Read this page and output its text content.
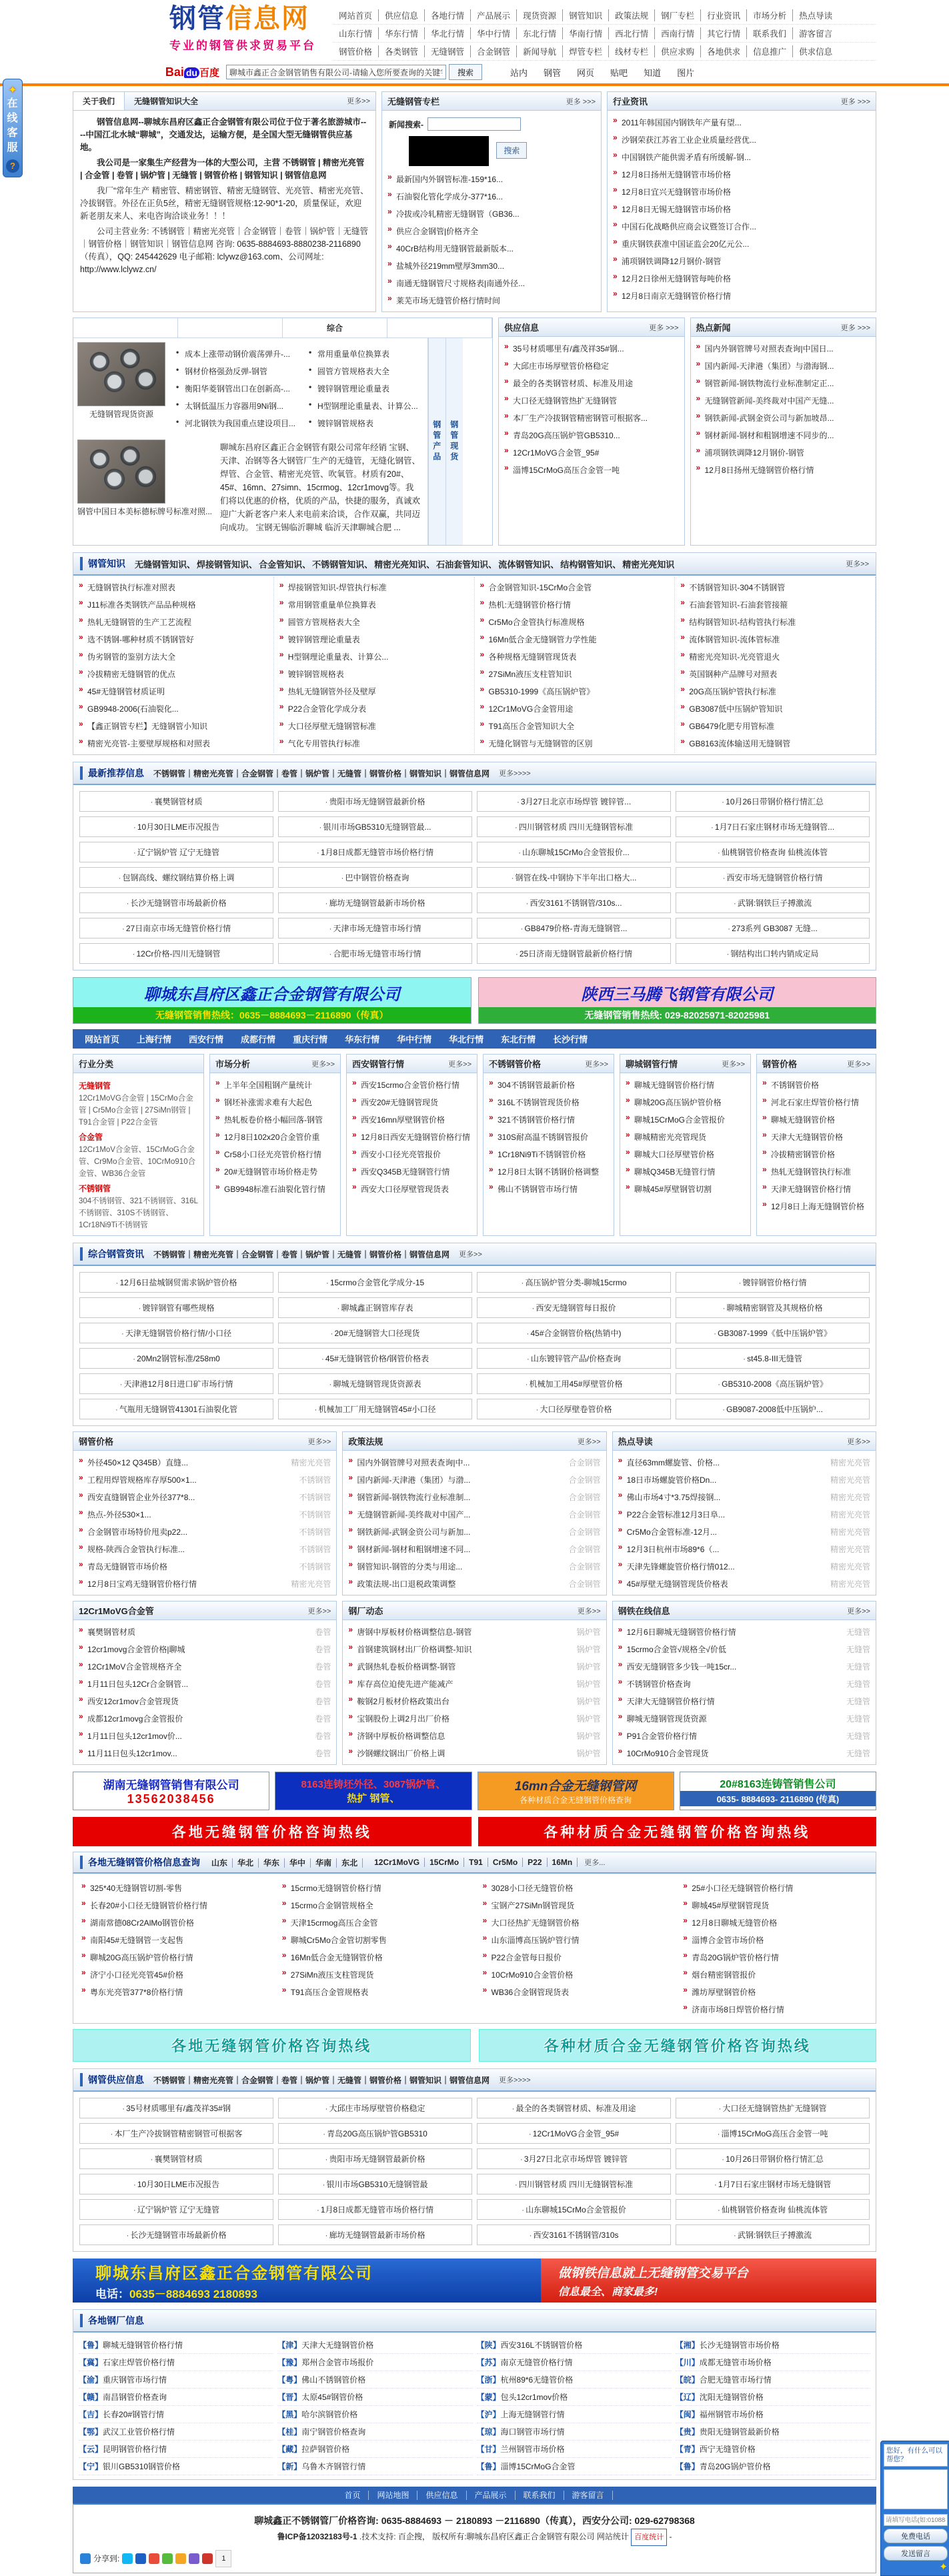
✦
在线客服
?
钢管信息网
专业的钢管供求贸易平台
网站首页 供应信息 各地行情 产品展示 现货资源 钢管知识 政策法规 钢厂专栏 行业资讯 市场分析 热点导读
山东行情 华东行情 华北行情 华中行情 东北行情 华南行情 西北行情 西南行情 其它行情 联系我们 游客留言
钢管价格 各类钢管 无缝钢管 合金钢管 新闻导航 焊管专栏 线材专栏 供应求购 各地供求 信息推广 供求信息
Bai du 百度
聊城市鑫正合金钢管销售有限公司-请输入您所要查询的关键字	搜索	站内	钢管	网页	贴吧	知道	图片
关于我们	无缝钢管知识大全	更多>>

钢管信息网--聊城东昌府区鑫正合金钢管有限公司位于位于著名旅游城市----中国江北水城“聊城”，交通发达，运输方便，是全国大型无缝钢管供应基地。

我公司是一家集生产经营为一体的大型公司，主营 不锈钢管 | 精密光亮管 | 合金管 | 卷管 | 锅炉管 | 无缝管 | 钢管价格 | 钢管知识 | 钢管信息网

我厂“常年生产 精密管、精密钢管、精密无缝钢管、光亮管、精密光亮管、冷拔钢管。外径在正负5丝，精密无缝钢管规格:12-90*1-20，质量保证，欢迎新老朋友来人、来电咨询洽谈业务！！！

公司主营业务: 不锈钢管｜精密光亮管｜合金钢管｜卷管｜锅炉管｜无缝管｜钢管价格｜钢管知识｜钢管信息网 咨询: 0635-8884693-8880238-2116890（传真），QQ: 245442629 电子邮箱: lclywz@163.com、公司网址: http://www.lclywz.cn/

无缝钢管专栏	更多 >>>
新闻搜索-
搜索
» 最新国内外钢管标准-159*16...
» 石油裂化管化学成分-377*16...
» 冷拔或冷轧精密无缝钢管（GB36...
» 供应合金钢管|价格齐全
» 40CrB结构用无缝钢管最新版本...
» 盐城外径219mm壁厚3mm30...
» 南通无缝钢管尺寸规格表|南通外径...
» 莱芜市场无缝管价格行情时间
行业资讯	更多 >>>
» 2011年韩国国内钢铁年产量有望...
» 沙钢荣获江苏省工业企业质量经营优...
» 中国钢铁产能供需矛盾有所缓解-钢...
» 12月8日扬州无缝钢管市场价格
» 12月8日宜兴无缝钢管市场价格
» 12月8日无锡无缝钢管市场价格
» 中国石化战略供应商会议暨签订合作...
» 重庆钢铁获准中国证监会20亿元公...
» 浦项钢铁调降12月钢价-钢管
» 12月2日徐州无缝钢管每吨价格
» 12月8日南京无缝钢管价格行情
综合
无缝钢管现货资源
• 成本上涨带动钢价震荡弹升-...
• 钢材价格强劲反弹-钢管
• 衡阳华菱钢管出口在创新高-...
• 太钢低温压力容器用9Ni钢...
• 河北钢铁为我国重点建设项目...
• 常用重量单位换算表
• 圆管方管规格表大全
• 镀锌钢管理论重量表
• H型钢理论重量表、计算公...
• 镀锌钢管规格表
钢管中国日本美标德标牌号标准对照...
聊城东昌府区鑫正合金钢管有限公司常年经销 宝钢、天津、冶钢等各大钢管厂生产的无缝管，无缝化钢管、焊管、合金管、精密光亮管、吹氧管。材质有20#、45#、16mn、27simn、15crmog、12cr1movg等。我们将以优惠的价格，优质的产品，快捷的服务，真诚欢迎广大新老客户来人来电前来洽谈，合作双赢，共同迈向成功。 宝钢无锡临沂聊城 临沂天津聊城合肥 ...
钢管产品	钢管现货
供应信息	更多 >>>
» 35号材质哪里有/鑫茂祥35#钢...
» 大邱庄市场厚壁管价格稳定
» 最全的各类钢管材质、标准及用途
» 大口径无缝钢管热扩无缝钢管
» 本厂生产冷拔钢管精密钢管可根据客...
» 青岛20G高压锅炉管GB5310...
» 12Cr1MoVG合金管_95#
» 淄博15CrMoG高压合金管一吨
热点新闻	更多 >>>
» 国内外钢管牌号对照表查询|中国日...
» 国内新闻-天津港（集团）与渤海钢...
» 钢管新闻-钢铁物流行业标准制定正...
» 无缝钢管新闻-美终裁对中国产无缝...
» 钢铁新闻-武钢金资公司与新加坡昂...
» 钢材新闻-钢材和粗钢增速不同步的...
» 浦项钢铁调降12月钢价-钢管
» 12月8日扬州无缝钢管价格行情
钢管知识 无缝钢管知识 、	焊接钢管知识 、	合金管知识 、	不锈钢管知识 、	精密光亮知识 、	石油套管知识 、	流体钢管知识 、	结构钢管知识 、	精密光亮知识	更多>>
» 无缝钢管执行标准对照表
» J11标准各类钢铁产品品种规格
» 热轧无缝钢管的生产工艺流程
» 选不锈钢-哪种材质不锈钢管好
» 伪劣钢管的鉴别方法大全
» 冷拔精密无缝钢管的优点
» 45#无缝钢管材质证明
» GB9948-2006(石油裂化...
» 【鑫正钢管专栏】无缝钢管小知识
» 精密光亮管-主要壁厚规格和对照表
» 焊接钢管知识-焊管执行标准
» 常用钢管重量单位换算表
» 圆管方管规格表大全
» 镀锌钢管理论重量表
» H型钢理论重量表、计算公...
» 镀锌钢管规格表
» 热轧无缝钢管外径及壁厚
» P22合金管化学成分表
» 大口径厚壁无缝钢管标准
» 气化专用管执行标准
» 合金钢管知识-15CrMo合金管
» 热机:无缝钢管价格行情
» Cr5Mo合金管执行标准规格
» 16Mn低合金无缝钢管力学性能
» 各种规格无缝钢管现货表
» 27SiMn液压支柱管知识
» GB5310-1999《高压锅炉管》
» 12Cr1MoVG合金管用途
» T91高压合金管知识大全
» 无缝化钢管与无缝钢管的区别
» 不锈钢管知识-304不锈钢管
» 石油套管知识-石油套管接箍
» 结构钢管知识-结构管执行标准
» 流体钢管知识-流体管标准
» 精密光亮知识-光亮管退火
» 英国钢种产品牌号对照表
» 20G高压锅炉管执行标准
» GB3087低中压锅炉管知识
» GB6479化肥专用管标准
» GB8163流体输送用无缝钢管
最新推荐信息 不锈钢管｜精密光亮管｜合金钢管｜卷管｜锅炉管｜无缝管｜钢管价格｜钢管知识｜钢管信息网 更多>>>>
· 襄樊钢管材质	· 贵阳市场无缝钢管最新价格	· 3月27日北京市场焊管 镀锌管...	· 10月26日带钢价格行情汇总
· 10月30日LME市况报告	· 银川市场GB5310无缝钢管最...	· 四川钢管材质 四川无缝钢管标准	· 1月7日石家庄钢材市场无缝钢管...
· 辽宁锅炉管 辽宁无缝管	· 1月8日成都无缝管市场价格行情	· 山东聊城15CrMo合金管报价...	· 仙桃钢管价格查询 仙桃流体管
· 包钢高线、螺纹钢结算价格上调	· 巴中钢管价格查询	· 钢管在线-中钢协下半年出口格大...	· 西安市场无缝钢管价格行情
· 长沙无缝钢管市场最新价格	· 廊坊无缝钢管最新市场价格	· 西安3161不锈钢管/310s...	· 武钢:钢铁巨子搏激流
· 27日南京市场无缝管价格行情	· 天津市场无缝管市场行情	· GB8479价格-青海无缝钢管...	· 273系列 GB3087 无缝...
· 12Cr价格-四川无缝钢管	· 合肥市场无缝管市场行情	· 25日济南无缝钢管最新价格行情	· 钢结构出口转内销成定局
聊城东昌府区鑫正合金钢管有限公司
无缝钢管销售热线：0635－8884693－2116890（传真）
陕西三马腾飞钢管有限公司
无缝钢管销售热线: 029-82025971-82025981
网站首页 上海行情 西安行情 成都行情 重庆行情 华东行情 华中行情 华北行情 东北行情 长沙行情
行业分类
无缝钢管
12Cr1MoVG合金管 | 15CrMo合金管 | Cr5Mo合金管 | 27SiMn钢管 | T91合金管 | P22合金管
合金管
12Cr1MoV合金管、15CrMoG合金管、Cr9Mo合金管、10CrMo910合金管、WB36合金管
不锈钢管
304不锈钢管、321不锈钢管、316L不锈钢管、310S不锈钢管、1Cr18Ni9Ti不锈钢管
市场分析	更多>>
» 上半年全国粗钢产量统计
» 钢坯补涨需求难有大起色
» 热轧板卷价格小幅回落-钢管
» 12月8日102x20合金管价重
» Cr58小口径光亮管价格行情
» 20#无缝钢管市场价格走势
» GB9948标准石油裂化管行情
西安钢管行情	更多>>
» 西安15crmo合金管价格行情
» 西安20#无缝钢管现货
» 西安16mn厚壁钢管价格
» 12月8日西安无缝钢管价格行情
» 西安小口径光亮管报价
» 西安Q345B无缝钢管行情
» 西安大口径厚壁管现货表
不锈钢管价格	更多>>
» 304不锈钢管最新价格
» 316L不锈钢管现货价格
» 321不锈钢管价格行情
» 310S耐高温不锈钢管报价
» 1Cr18Ni9Ti不锈钢管价格
» 12月8日太钢不锈钢价格调整
» 佛山不锈钢管市场行情
聊城钢管行情	更多>>
» 聊城无缝钢管价格行情
» 聊城20G高压锅炉管价格
» 聊城15CrMoG合金管报价
» 聊城精密光亮管现货
» 聊城大口径厚壁管价格
» 聊城Q345B无缝管行情
» 聊城45#厚壁钢管切割
钢管价格	更多>>
» 不锈钢管价格
» 河北石家庄焊管价格行情
» 聊城无缝钢管价格
» 天津大无缝钢管价格
» 冷拔精密钢管价格
» 热轧无缝钢管执行标准
» 天津无缝钢管价格行情
» 12月8日上海无缝钢管价格
综合钢管资讯 不锈钢管｜精密光亮管｜合金钢管｜卷管｜锅炉管｜无缝管｜钢管价格｜钢管信息网 更多>>
· 12月6日盐城钢贸需求锅炉管价格	· 15crmo合金管化学成分-15	· 高压锅炉管分类-聊城15crmo	· 镀锌钢管价格行情
· 镀锌钢管有哪些规格	· 聊城鑫正钢管库存表	· 西安无缝钢管每日报价	· 聊城精密钢管及其规格价格
· 天津无缝钢管价格行情/小口径	· 20#无缝钢管大口径现货	· 45#合金钢管价格(热销中)	· GB3087-1999《低中压锅炉管》
· 20Mn2钢管标准/258m0	· 45#无缝钢管价格/钢管价格表	· 山东镀锌管产品/价格查询	· st45.8-III无缝管
· 天津港12月8日进口矿市场行情	· 聊城无缝钢管现货资源表	· 机械加工用45#厚壁管价格	· GB5310-2008《高压锅炉管》
· 气瓶用无缝钢管41301石油裂化管	· 机械加工厂用无缝钢管45#小口径	· 大口径厚壁卷管价格	· GB9087-2008低中压锅炉...
钢管价格	更多>>
» 外径450×12 Q345B）直缝...	精密光亮管
» 工程用焊管规格库存厚500×1...	不锈钢管
» 西安直缝钢管企业外径377*8...	不锈钢管
» 热点-外径530×1...	不锈钢管
» 合金钢管市场特价甩卖p22...	不锈钢管
» 规格-陕西合金管执行标准...	不锈钢管
» 青岛无缝钢管市场价格	不锈钢管
» 12月8日宝鸡无缝钢管价格行情	精密光亮管
政策法规	更多>>
» 国内外钢管牌号对照表查询|中...	合金钢管
» 国内新闻-天津港（集团）与渤...	合金钢管
» 钢管新闻-钢铁物流行业标准制...	合金钢管
» 无缝钢管新闻-美终裁对中国产...	合金钢管
» 钢铁新闻-武钢金资公司与新加...	合金钢管
» 钢材新闻-钢材和粗钢增速不同...	合金钢管
» 钢管知识-钢管的分类与用途...	合金钢管
» 政策法规-出口退税政策调整	合金钢管
热点导读	更多>>
» 直径63mm螺旋管、价格...	精密光亮管
» 18日市场螺旋管价格Dn...	精密光亮管
» 佛山市场4寸*3.75焊接钢...	精密光亮管
» P22合金管标准12月3日阜...	精密光亮管
» Cr5Mo合金管标准-12月...	精密光亮管
» 12月3日杭州市场89*6（...	精密光亮管
» 天津先锋螺旋管价格行情012...	精密光亮管
» 45#厚壁无缝钢管现货价格表	精密光亮管
12Cr1MoVG合金管	更多>>
» 襄樊钢管材质	卷管
» 12cr1movg合金管价格|聊城	卷管
» 12Cr1MoV合金管规格齐全	卷管
» 1月11日包头12Cr合金钢管...	卷管
» 西安12cr1mov合金管现货	卷管
» 成都12cr1movg合金管报价	卷管
» 1月11日包头12cr1mov价...	卷管
» 11月11日包头12cr1mov...	卷管
钢厂动态	更多>>
» 唐钢中厚板材价格调整信息-钢管	锅炉管
» 首钢建筑钢材出厂价格调整-知识	锅炉管
» 武钢热轧卷板价格调整-钢管	锅炉管
» 库存高位迫使先进产能减产	锅炉管
» 鞍钢2月板材价格政策出台	锅炉管
» 宝钢股份上调2月出厂价格	锅炉管
» 济钢中厚板价格调整信息	锅炉管
» 沙钢螺纹钢出厂价格上调	锅炉管
钢铁在线信息	更多>>
» 12月6日聊城无缝钢管价格行情	无缝管
» 15crmo合金管√规格全√价低	无缝管
» 西安无缝钢管多少钱一吨15cr...	无缝管
» 不锈钢管价格查询	无缝管
» 天津大无缝钢管价格行情	无缝管
» 聊城无缝钢管现货资源	无缝管
» P91合金管价格行情	无缝管
» 10CrMo910合金管现货	无缝管
湖南无缝钢管销售有限公司
13562038456
8163连铸坯外径、3087锅炉管、
热扩 钢管、
16mn合金无缝钢管网
各种材质合金无缝钢管价格查询
20#8163连铸管销售公司
0635- 8884693- 2116890 (传真)
各地无缝钢管价格咨询热线	各种材质合金无缝钢管价格咨询热线
各地无缝钢管价格信息查询	山东 华北 华东 华中 华南 东北	12Cr1MoVG 15CrMo T91 Cr5Mo P22 16Mn	更多...
» 325*40无缝钢管切割-零售
» 长春20#小口径无缝钢管价格行情
» 湖南常德08Cr2AlMo钢管价格
» 南阳45#无缝钢管一支起售
» 聊城20G高压锅炉管价格行情
» 济宁小口径光亮管45#价格
» 粤东光亮管377*8价格行情
» 15crmo无缝钢管价格行情
» 15crmo合金钢管规格全
» 天津15crmog高压合金管
» 聊城Cr5Mo合金管切割零售
» 16Mn低合金无缝钢管价格
» 27SiMn液压支柱管现货
» T91高压合金管规格表
» 3028小口径无缝管价格
» 宝钢产27SiMn钢管现货
» 大口径热扩无缝钢管价格
» 山东淄博高压锅炉管行情
» P22合金管每日报价
» 10CrMo910合金管价格
» WB36合金钢管现货表
» 25#小口径无缝钢管价格行情
» 聊城45#厚壁钢管现货
» 12月8日聊城无缝管价格
» 淄博合金管市场价格
» 青岛20G锅炉管价格行情
» 烟台精密钢管报价
» 潍坊厚壁钢管价格
» 济南市场8日焊管价格行情
各地无缝钢管价格咨询热线	各种材质合金无缝钢管价格咨询热线
钢管供应信息 不锈钢管｜精密光亮管｜合金钢管｜卷管｜锅炉管｜无缝管｜钢管价格｜钢管知识｜钢管信息网 更多>>>>
· 35号材质哪里有/鑫茂祥35#钢	· 大邱庄市场厚壁管价格稳定	· 最全的各类钢管材质、标准及用途	· 大口径无缝钢管热扩无缝钢管
· 本厂生产冷拔钢管精密钢管可根据客	· 青岛20G高压锅炉管GB5310	· 12Cr1MoVG合金管_95#	· 淄博15CrMoG高压合金管一吨
· 襄樊钢管材质	· 贵阳市场无缝钢管最新价格	· 3月27日北京市场焊管 镀锌管	· 10月26日带钢价格行情汇总
· 10月30日LME市况报告	· 银川市场GB5310无缝钢管最	· 四川钢管材质 四川无缝钢管标准	· 1月7日石家庄钢材市场无缝钢管
· 辽宁锅炉管 辽宁无缝管	· 1月8日成都无缝管市场价格行情	· 山东聊城15CrMo合金管报价	· 仙桃钢管价格查询 仙桃流体管
· 长沙无缝钢管市场最新价格	· 廊坊无缝钢管最新市场价格	· 西安3161不锈钢管/310s	· 武钢:钢铁巨子搏激流
聊城东昌府区鑫正合金钢管有限公司
电话：0635－8884693 2180893
做钢铁信息就上无缝钢管交易平台
信息最全、商家最多!
各地钢厂信息
【鲁】聊城无缝钢管价格行情	【津】天津大无缝钢管价格	【陕】西安316L不锈钢管价格	【湘】长沙无缝钢管市场价格
【冀】石家庄焊管价格行情	【豫】郑州合金管市场报价	【苏】南京无缝管价格行情	【川】成都无缝管市场价格
【渝】重庆钢管市场行情	【粤】佛山不锈钢管价格	【浙】杭州89*6无缝管价格	【皖】合肥无缝管市场行情
【赣】南昌钢管价格查询	【晋】太原45#钢管价格	【蒙】包头12cr1mov价格	【辽】沈阳无缝钢管价格
【吉】长春20#钢管行情	【黑】哈尔滨钢管价格	【沪】上海无缝钢管行情	【闽】福州钢管市场价格
【鄂】武汉工业管价格行情	【桂】南宁钢管价格查询	【琼】海口钢管市场行情	【贵】贵阳无缝钢管最新价格
【云】昆明钢管价格行情	【藏】拉萨钢管价格	【甘】兰州钢管市场价格	【青】西宁无缝管价格
【宁】银川GB5310钢管价格	【新】乌鲁木齐钢管行情	【鲁】淄博15CrMoG合金管	【鲁】青岛20G锅炉管价格
首页 网站地图 供应信息 产品展示 联系我们 游客留言
聊城鑫正不锈钢管厂价格咨询: 0635-8884693 － 2180893 －2116890（传真），西安分公司: 029-62798368
鲁ICP备12032183号-1 .技术支持: 百企搜， 版权所有:聊城东昌府区鑫正合金钢管有限公司 网站统计 百度统计 -
分享到:	1
您好，有什么可以帮您？
请填写电话(如:01088888888)
免费电话
发送留言
✦
